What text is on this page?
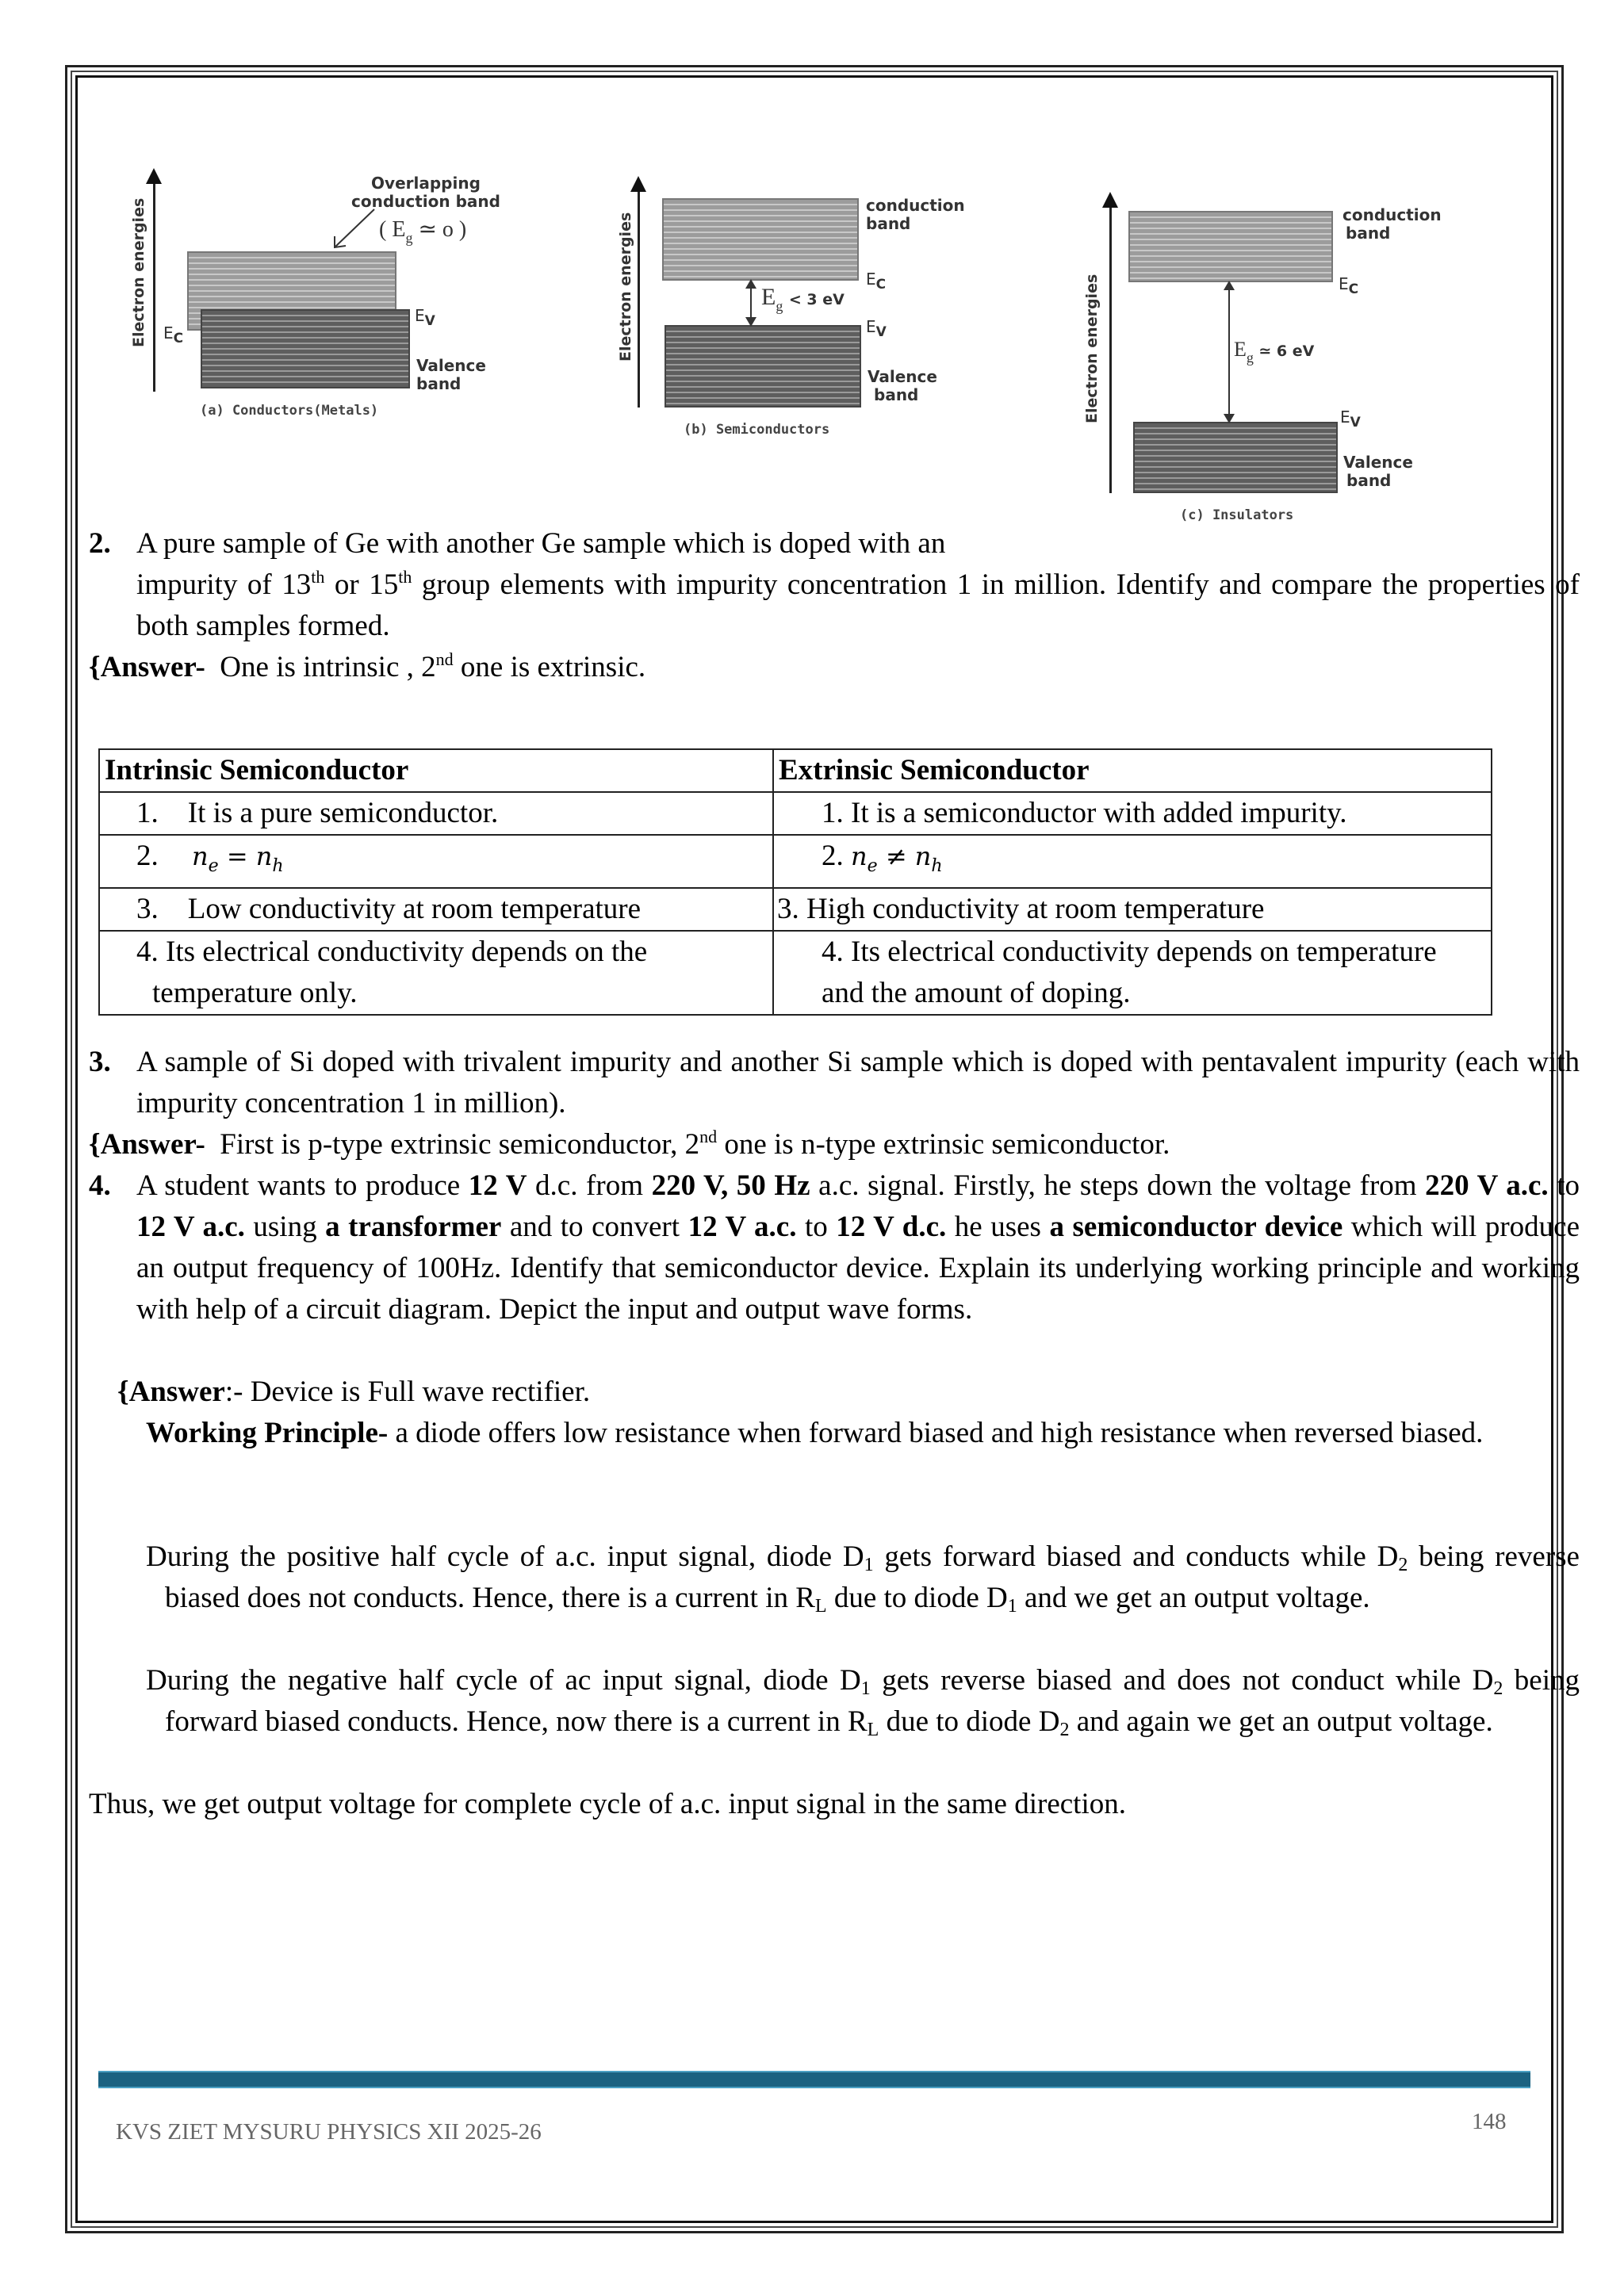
Electron energies
Overlapping
conduction band
( $E_g$ ≃ o )
$E_C$
$E_V$
Valence
band
(a) Conductors(Metals)
Electron energies
conduction
band
$E_C$
$E_g < 3$ eV
$E_V$
Valence
band
(b) Semiconductors
Electron energies
conduction
band
$E_C$
$E_g$ ≃ 6 eV
$E_V$
Valence
band
(c) Insulators
2. A pure sample of Ge with another Ge sample which is doped with an
impurity of 13th or 15th group elements with impurity concentration 1 in million. Identify and compare the properties of both samples formed.
{Answer-  One is intrinsic , 2nd one is extrinsic.
Intrinsic Semiconductor	Extrinsic Semiconductor
1.    It is a pure semiconductor.	1. It is a semiconductor with added impurity.
2. $n_e = n_h$	2. $n_e \ne n_h$
3.    Low conductivity at room temperature	3. High conductivity at room temperature

4. Its electrical conductivity depends on the temperature only.	4. Its electrical conductivity depends on temperature and the amount of doping.
3. A sample of Si doped with trivalent impurity and another Si sample which is doped with pentavalent impurity (each with impurity concentration 1 in million).
{Answer-  First is p-type extrinsic semiconductor, 2nd one is n-type extrinsic semiconductor.
4. A student wants to produce 12 V d.c. from 220 V, 50 Hz a.c. signal. Firstly, he steps down the voltage from 220 V a.c. to 12 V a.c. using a transformer and to convert 12 V a.c. to 12 V d.c. he uses a semiconductor device which will produce an output frequency of 100Hz. Identify that semiconductor device. Explain its underlying working principle and working with help of a circuit diagram. Depict the input and output wave forms.
{Answer:- Device is Full wave rectifier.
Working Principle- a diode offers low resistance when forward biased and high resistance when reversed biased.
During the positive half cycle of a.c. input signal, diode D1 gets forward biased and conducts while D2 being reverse biased does not conducts. Hence, there is a current in RL due to diode D1 and we get an output voltage.
During the negative half cycle of ac input signal, diode D1 gets reverse biased and does not conduct while D2 being forward biased conducts. Hence, now there is a current in RL due to diode D2 and again we get an output voltage.
Thus, we get output voltage for complete cycle of a.c. input signal in the same direction.
KVS ZIET MYSURU PHYSICS XII 2025-26	148
